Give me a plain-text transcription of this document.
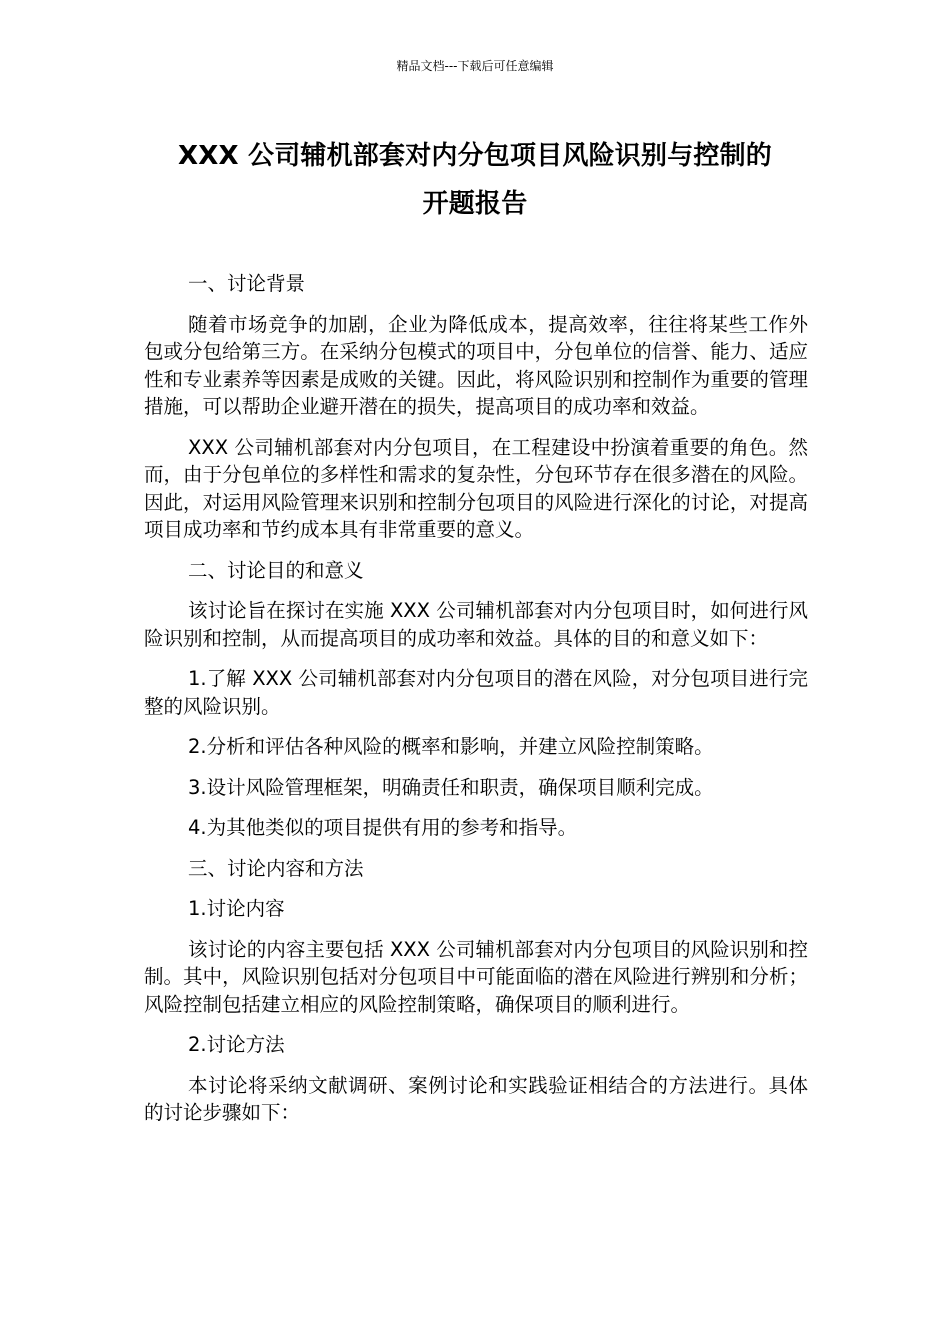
精品文档---下载后可任意编辑
XXX 公司辅机部套对内分包项目风险识别与控制的
开题报告

一、讨论背景

随着市场竞争的加剧，企业为降低成本，提高效率，往往将某些工作外包或分包给第三方。在采纳分包模式的项目中，分包单位的信誉、能力、适应性和专业素养等因素是成败的关键。因此，将风险识别和控制作为重要的管理措施，可以帮助企业避开潜在的损失，提高项目的成功率和效益。

XXX 公司辅机部套对内分包项目，在工程建设中扮演着重要的角色。然而，由于分包单位的多样性和需求的复杂性，分包环节存在很多潜在的风险。因此，对运用风险管理来识别和控制分包项目的风险进行深化的讨论，对提高项目成功率和节约成本具有非常重要的意义。

二、讨论目的和意义

该讨论旨在探讨在实施 XXX 公司辅机部套对内分包项目时，如何进行风险识别和控制，从而提高项目的成功率和效益。具体的目的和意义如下：

1.了解 XXX 公司辅机部套对内分包项目的潜在风险，对分包项目进行完整的风险识别。

2.分析和评估各种风险的概率和影响，并建立风险控制策略。

3.设计风险管理框架，明确责任和职责，确保项目顺利完成。

4.为其他类似的项目提供有用的参考和指导。

三、讨论内容和方法

1.讨论内容

该讨论的内容主要包括 XXX 公司辅机部套对内分包项目的风险识别和控制。其中，风险识别包括对分包项目中可能面临的潜在风险进行辨别和分析；风险控制包括建立相应的风险控制策略，确保项目的顺利进行。

2.讨论方法

本讨论将采纳文献调研、案例讨论和实践验证相结合的方法进行。具体的讨论步骤如下：
